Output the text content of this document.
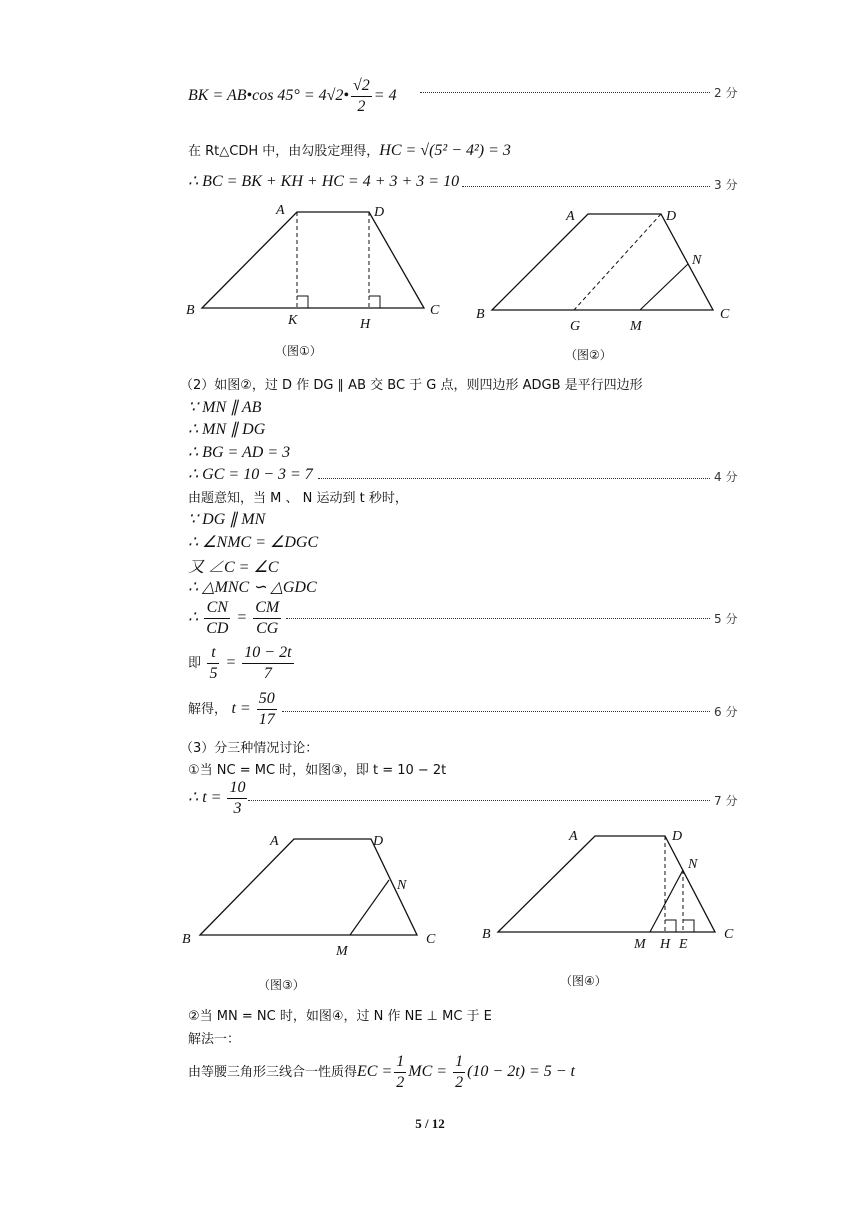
BK = AB•cos 45° = 4√2• $\frac{√2}{2} = 4$	2 分
在 Rt△CDH 中，由勾股定理得，HC = √(5² − 4²) = 3
∴ BC = BK + KH + HC = 4 + 3 + 3 = 10	3 分
A	D
B
K	H
C
（图①）
A	D
N
B
G	M
C
（图②）
（2）如图②，过 D 作 DG ∥ AB 交 BC 于 G 点，则四边形 ADGB 是平行四边形
∵ MN ∥ AB
∴ MN ∥ DG
∴ BG = AD = 3
∴ GC = 10 − 3 = 7	4 分
由题意知，当 M 、 N 运动到 t 秒时，
∵ DG ∥ MN
∴ ∠NMC = ∠DGC
又 ∠C = ∠C
∴ △MNC ∽ △GDC
∴ $\frac{CN}{CD} = \frac{CM}{CG}$	5 分
即 $\frac{t}{5} = \frac{10 - 2t}{7}$
解得， $t = \frac{50}{17}$	6 分
（3）分三种情况讨论：
①当 NC = MC 时，如图③，即 t = 10 − 2t
∴ $t = \frac{10}{3}$	7 分
A	D
N
B
M
C
（图③）
A	D
N
B
M H E
C
（图④）
②当 MN = NC 时，如图④，过 N 作 NE ⊥ MC 于 E
解法一：
由等腰三角形三线合一性质得EC = $\frac{1}{2}$ MC = $\frac{1}{2} (10 - 2t) = 5 - t$
5 / 12
